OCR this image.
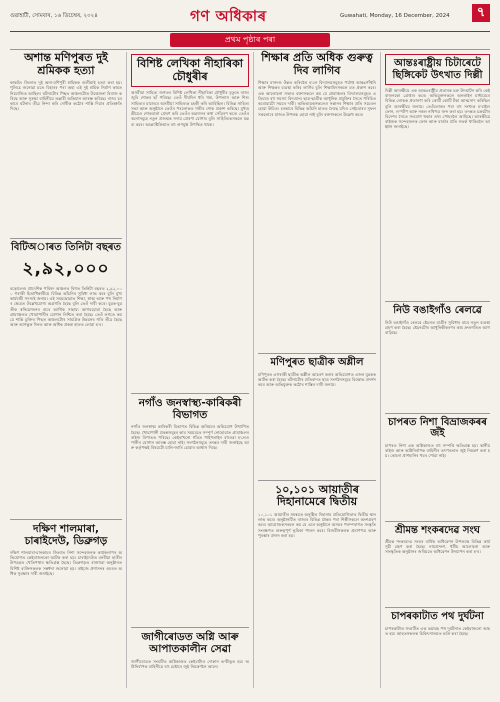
গুৱাহাটী, সোমবাৰ, ১৬ ডিচেম্বৰ, ২০২৪	গণ অধিকাৰ	Guwahati, Monday, 16 December, 2024	৭
প্ৰথম পৃষ্ঠাৰ পৰা
অশান্ত মণিপুৰত দুই শ্ৰমিকক হত্যা
কাকচিং জিলাত দুই অনা-মণিপুৰী শ্ৰমিকক গুলীয়াই হত্যা কৰা হয়। পুলিচে জনোৱা মতে বিহাৰৰ পৰা অহা এই দুই শ্ৰমিক নিৰ্মাণ কামত নিয়োজিত আছিল। ঘটনাটোৰ পিছত অঞ্চলটোত উত্তেজনা বিৰাজ কৰিছে আৰু সুৰক্ষা বাহিনীয়ে তল্লাচী অভিযান আৰম্ভ কৰিছে। ৰাজ্য চৰকাৰে ঘটনাৰ তীব্ৰ নিন্দা কৰি দোষীক কঠোৰ শাস্তি দিয়াৰ প্ৰতিশ্ৰুতি দিছে।
বিটিঅাৰত তিনিটা বছৰত
২,৯২,০০০
বড়োলেণ্ড প্ৰাদেশিক পৰিষদ অঞ্চলত বিগত তিনিটা বছৰত ২,৯২,০০০ গৰাকী হিতাধিকাৰীয়ে বিভিন্ন আঁচনিৰ সুবিধা লাভ কৰে বুলি মুখ্য কাৰ্যবাহী সদস্যই জনায়। এই সময়ছোৱাত শিক্ষা, স্বাস্থ্য আৰু পথ নিৰ্মাণৰ ক্ষেত্ৰত উল্লেখযোগ্য অগ্ৰগতি হৈছে বুলি তেওঁ দাবী কৰে। যুৱক-যুৱতীক স্বনিয়োজনৰ বাবে আৰ্থিক সাহায্য আগবঢ়োৱা হৈছে আৰু গ্ৰামাঞ্চলত খোৱাপানীৰ যোগান নিশ্চিত কৰা হৈছে। তেওঁ লগতে কয় যে শান্তি চুক্তিৰ পিছত অঞ্চলটোৰ সামগ্ৰিক উন্নয়নৰ গতি তীব্ৰ হৈছে আৰু আগন্তুক দিনত আৰু অধিক প্ৰকল্প হাতত লোৱা হ'ব।
দক্ষিণ শালমাৰা, চাৰাইদেউ, ডিব্ৰুগড়
দক্ষিণ শালমাৰা-মানকাচৰ জিলাত নিশা সন্দেহজনক কাৰ্যকলাপৰ অভিযোগত কেইবাজনকো আটক কৰা হয়। চাৰাইদেউত বনৰীয়া হাতীৰ উপদ্ৰৱত খেতিপথাৰ ক্ষতিগ্ৰস্ত হৈছে। ডিব্ৰুগড়ত ৰাজহুৱা অনুষ্ঠানত বিশিষ্ট ব্যক্তিসকলক সম্বৰ্ধনা জনোৱা হয়। ৰাইজে প্ৰশাসনৰ ওচৰত অধিক সুৰক্ষাৰ দাবী জনাইছে।
বিশিষ্ট লেখিকা নীহাৰিকা চৌধুৰীৰ
অসমীয়া সাহিত্য জগতৰ বিশিষ্ট লেখিকা নীহাৰিকা চৌধুৰীৰ মৃত্যুত ৰাজ্যজুৰি শোকৰ ছাঁ পৰিছে। তেওঁ দীৰ্ঘদিন ধৰি গল্প, উপন্যাস আৰু শিশু সাহিত্যৰ মাজেৰে অসমীয়া সাহিত্যক চহকী কৰি আহিছিল। বিভিন্ন সাহিত্য সভা আৰু অনুষ্ঠানে তেওঁৰ পৰলোকত গভীৰ শোক প্ৰকাশ কৰিছে। মুখ্যমন্ত্ৰীয়েও শোকবাৰ্তা প্ৰেৰণ কৰি তেওঁৰ অৱদানৰ কথা সোঁৱৰণ কৰে। তেওঁৰ ৰচনাসমূহে নতুন প্ৰজন্মক সদায় প্ৰেৰণা যোগাব বুলি সাহিত্যিকসকলে মন্তব্য কৰে। অন্ত্যেষ্টিক্ৰিয়াত বহু গুণমুগ্ধ উপস্থিত থাকে।
নগাঁও জনস্বাস্থ্য-কাৰিকৰী বিভাগত
নগাঁও জনস্বাস্থ্য কাৰিকৰী বিভাগত বিভিন্ন অনিয়মৰ অভিযোগ উত্থাপিত হৈছে। খোৱাপানী প্ৰকল্পসমূহৰ কাম সময়মতে সম্পূৰ্ণ নোহোৱাত গ্ৰামাঞ্চলৰ ৰাইজ বিপাঙত পৰিছে। কেইবাখনো গাঁৱত পাইপলাইন বহুওৱা হ'লেও পানীৰ যোগান আৰম্ভ হোৱা নাই। সংগঠনসমূহে তদন্তৰ দাবী জনাইছে আৰু কৰ্তৃপক্ষই বিষয়টো চালি-জাৰি চোৱাৰ আশ্বাস দিছে।
জাগীৰোডত অগ্নি আৰু আপাতকালীন সেৱা
জাগীৰোডত সংঘটিত অগ্নিকাণ্ডত কেইবাটাও দোকান ভস্মীভূত হয়। অগ্নিনিৰ্বাপক বাহিনীয়ে বহু চেষ্টাৰে জুই নিয়ন্ত্ৰণলৈ আনে।
শিক্ষাৰ প্ৰতি অধিক গুৰুত্ব দিব লাগিব
শিক্ষাৰ মানদণ্ড উন্নত কৰিবলৈ হ'লে বিদ্যালয়সমূহত পৰ্যাপ্ত আন্তঃগাঁথনি আৰু শিক্ষকৰ ব্যৱস্থা কৰিব লাগিব বুলি শিক্ষাবিদসকলে মত প্ৰকাশ কৰে। এক আলোচনা সভাত বক্তাসকলে কয় যে গ্ৰামাঞ্চলৰ বিদ্যালয়সমূহত এতিয়াও বহু সমস্যা বিদ্যমান। ছাত্ৰ-ছাত্ৰীক আধুনিক প্ৰযুক্তিৰ সৈতে পৰিচিত কৰোৱাটো সময়ৰ দাবী। অভিভাৱকসকলেও সন্তানৰ শিক্ষাৰ প্ৰতি সচেতন হোৱা উচিত। চৰকাৰে বিভিন্ন আঁচনি হাতত লৈছে যদিও সেইবোৰৰ সুফল সকলোৰে মাজত উপলব্ধ হোৱা নাই বুলি বক্তাসকলে উল্লেখ কৰে।
মণিপুৰত ছাত্ৰীক অশ্লীল
মণিপুৰত এগৰাকী ছাত্ৰীক অশ্লীল আচৰণ কৰাৰ অভিযোগত এজন যুৱকক আটক কৰা হৈছে। ঘটনাটোৰ প্ৰতিবাদত ছাত্ৰ সংগঠনসমূহে বিক্ষোভ প্ৰদৰ্শন কৰে আৰু অভিযুক্তক কঠোৰ শাস্তিৰ দাবী জনায়।
১০,১০১ আয়াতীৰ দিহানামেৰে দ্বিতীয়
১০,১০১ আয়াতীৰ সমন্বয়ত অনুষ্ঠিত দিহানাম প্ৰতিযোগিতাত দ্বিতীয় স্থান লাভ কৰে। অনুষ্ঠানটিত ৰাজ্যৰ বিভিন্ন প্ৰান্তৰ পৰা শিল্পীসকলে অংশগ্ৰহণ কৰে। আয়োজকসকলে কয় যে এনে অনুষ্ঠানে অসমৰ পৰম্পৰাগত সংস্কৃতি সংৰক্ষণত গুৰুত্বপূৰ্ণ ভূমিকা পালন কৰে। বিজয়ীসকলক প্ৰমাণপত্ৰ আৰু পুৰস্কাৰ প্ৰদান কৰা হয়।
আন্তঃৰাষ্ট্ৰীয় চিটাৰেটে ছিঙ্গিকেট উৎখাত দিল্লী
দিল্লী আৰক্ষীয়ে এক আন্তঃৰাষ্ট্ৰীয় প্ৰতাৰক চক্ৰ উদঘাটন কৰি কেইবাজনকো গ্ৰেপ্তাৰ কৰে। অভিযুক্তসকলে অনলাইন মাধ্যমেৰে বিভিন্ন লোকক প্ৰতাৰণা কৰি কোটি কোটি টকা আত্মসাৎ কৰিছিল বুলি আৰক্ষীয়ে জনায়। তেওঁলোকৰ পৰা বহু সংখ্যক ম'বাইল ফোন, ল'পটপ আৰু নকল নথিপত্ৰ জব্দ কৰা হয়। তদন্তত চক্ৰটোৰ বিদেশৰ সৈতে সংযোগ থকাৰ তথ্য পোহৰলৈ আহিছে। আৰক্ষীয়ে ৰাইজক সন্দেহজনক ফোন আৰু বাৰ্তাৰ প্ৰতি সতৰ্ক থাকিবলৈ আহ্বান জনাইছে।
নিউ বঙাইগাঁও ৰেলৱে
নিউ বঙাইগাঁও ৰেলৱে ষ্টেচনত যাত্ৰীৰ সুবিধাৰ বাবে নতুন ব্যৱস্থা গ্ৰহণ কৰা হৈছে। ষ্টেচনটোৰ আধুনিকীকৰণৰ কাম দ্ৰুতগতিত আগবাঢ়িছে।
চাপৰত নিশা বিভ্ৰাজকৰৰ জঁই
চাপৰত নিশা এক অগ্নিকাণ্ডত বহু সম্পত্তি ক্ষতিগ্ৰস্ত হয়। স্থানীয় ৰাইজ আৰু অগ্নিনিৰ্বাপক বাহিনীৰ তৎপৰতাত জুই নিয়ন্ত্ৰণ কৰা হয়। কোনো প্ৰাণহানিৰ খবৰ পোৱা নাই।
শ্ৰীমন্ত শংকৰদেৱ সংঘ
শ্ৰীমন্ত শংকৰদেৱ সংঘৰ বাৰ্ষিক অধিৱেশন উপলক্ষে বিভিন্ন কাৰ্যসূচী গ্ৰহণ কৰা হৈছে। নামপ্ৰসংগ, ধৰ্মীয় আলোচনা আৰু সাংস্কৃতিক অনুষ্ঠানৰ জৰিয়তে অধিৱেশন উদযাপন কৰা হ'ব।
চাপৰকাটাত পথ দুৰ্ঘটনা
চাপৰকাটাত সংঘটিত এক ভয়াৱহ পথ দুৰ্ঘটনাত কেইবাজনো আহত হয়। আহতসকলক চিকিৎসালয়ত ভৰ্তি কৰা হৈছে।
